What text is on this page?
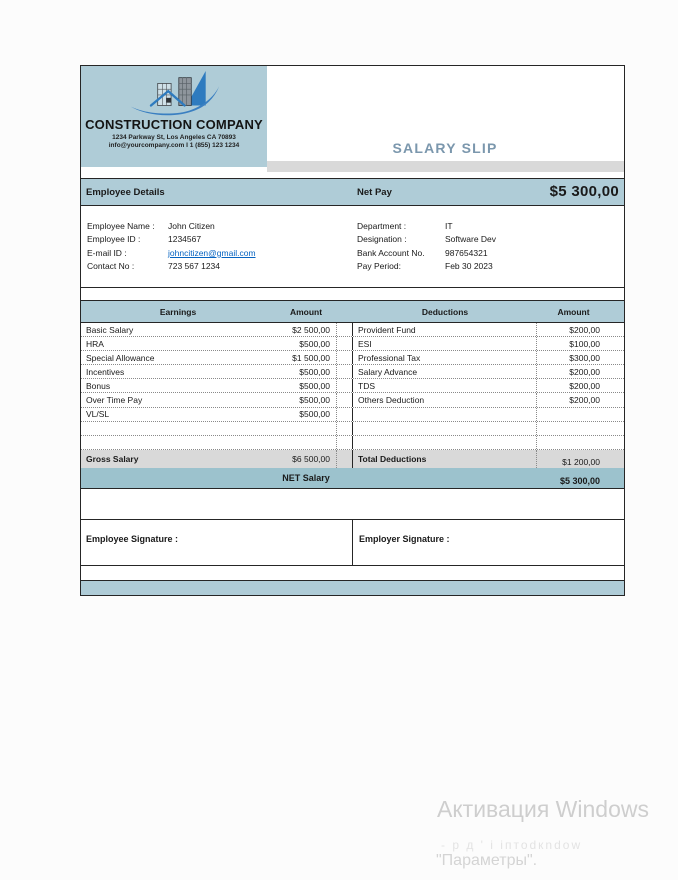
CONSTRUCTION COMPANY
1234 Parkway St, Los Angeles CA 70893
info@yourcompany.com I 1 (855) 123 1234	SALARY SLIP
Employee Details	Net Pay	$5 300,00
Employee Name :	John Citizen	Department :	IT
Employee ID :	1234567	Designation :	Software Dev
E-mail ID :	johncitizen@gmail.com	Bank Account No.	987654321
Contact No :	723 567 1234	Pay Period:	Feb 30 2023
Earnings	Amount	Deductions	Amount
Basic Salary	$2 500,00	Provident Fund	$200,00
HRA	$500,00	ESI	$100,00
Special Allowance	$1 500,00	Professional Tax	$300,00
Incentives	$500,00	Salary Advance	$200,00
Bonus	$500,00	TDS	$200,00
Over Time Pay	$500,00	Others Deduction	$200,00
VL/SL	$500,00
Gross Salary	$6 500,00	Total Deductions	$1 200,00
NET Salary	$5 300,00
Employee Signature :	Employer Signature :
Активация Windows
- р д ' і іптоdкndow
"Параметры".
